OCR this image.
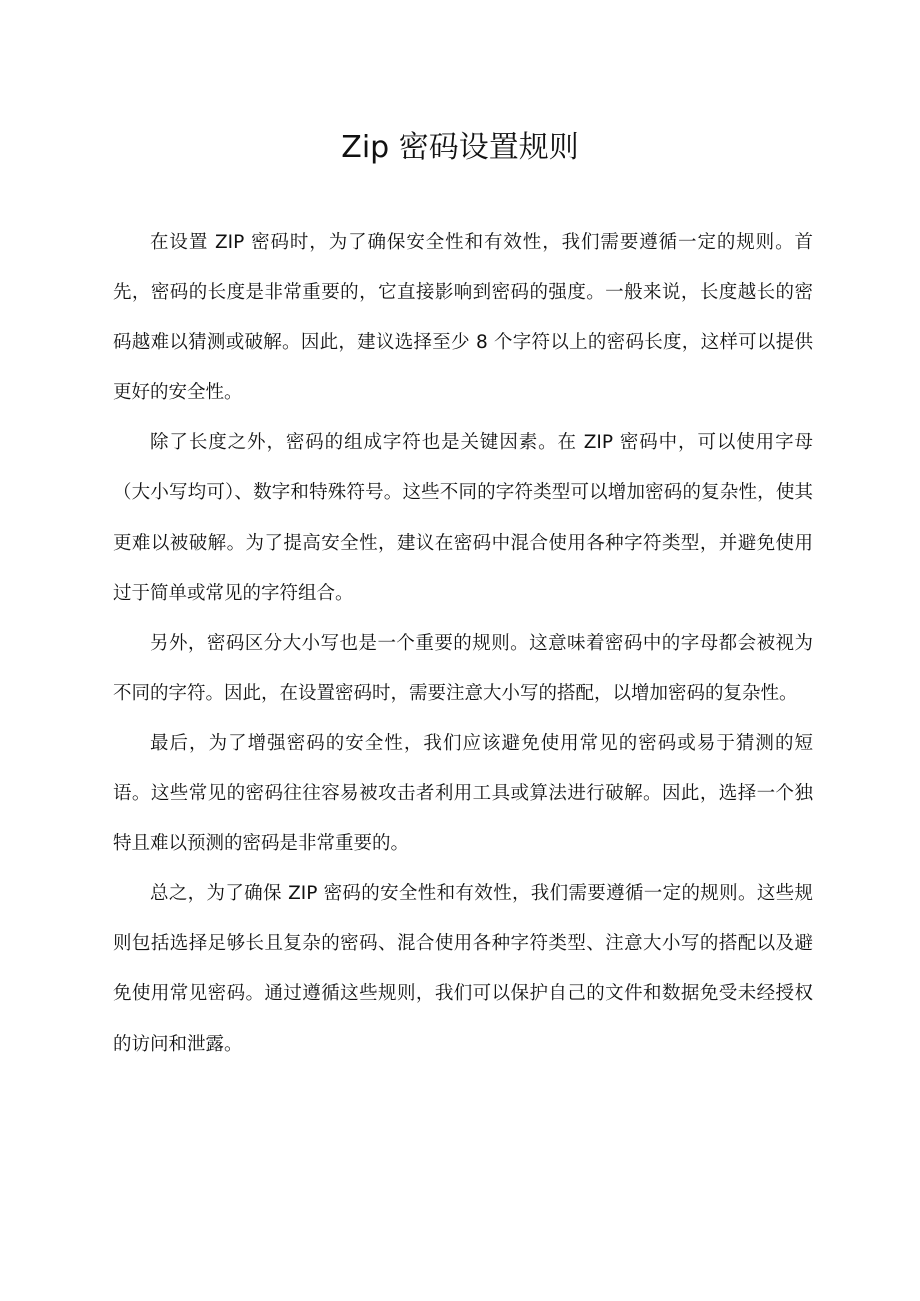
Zip 密码设置规则

在设置 ZIP 密码时，为了确保安全性和有效性，我们需要遵循一定的规则。首先，密码的长度是非常重要的，它直接影响到密码的强度。一般来说，长度越长的密码越难以猜测或破解。因此，建议选择至少 8 个字符以上的密码长度，这样可以提供更好的安全性。

除了长度之外，密码的组成字符也是关键因素。在 ZIP 密码中，可以使用字母（大小写均可）、数字和特殊符号。这些不同的字符类型可以增加密码的复杂性，使其更难以被破解。为了提高安全性，建议在密码中混合使用各种字符类型，并避免使用过于简单或常见的字符组合。

另外，密码区分大小写也是一个重要的规则。这意味着密码中的字母都会被视为不同的字符。因此，在设置密码时，需要注意大小写的搭配，以增加密码的复杂性。

最后，为了增强密码的安全性，我们应该避免使用常见的密码或易于猜测的短语。这些常见的密码往往容易被攻击者利用工具或算法进行破解。因此，选择一个独特且难以预测的密码是非常重要的。

总之，为了确保 ZIP 密码的安全性和有效性，我们需要遵循一定的规则。这些规则包括选择足够长且复杂的密码、混合使用各种字符类型、注意大小写的搭配以及避免使用常见密码。通过遵循这些规则，我们可以保护自己的文件和数据免受未经授权的访问和泄露。
